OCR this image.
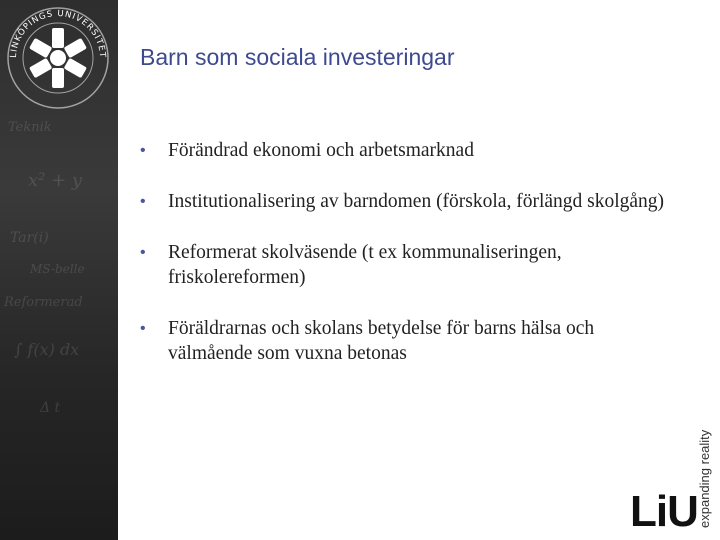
Teknik
x² + y
Tar(i)
MS-belle
Reformerad
∫ f(x) dx
Δ t
LINKÖPINGS UNIVERSITET Barn som sociala investeringar
• Förändrad ekonomi och arbetsmarknad
• Institutionalisering av barndomen (förskola, förlängd skolgång)
• Reformerat skolväsende (t ex kommunaliseringen, friskolereformen)
• Föräldrarnas och skolans betydelse för barns hälsa och välmående som vuxna betonas
expanding reality
LiU
